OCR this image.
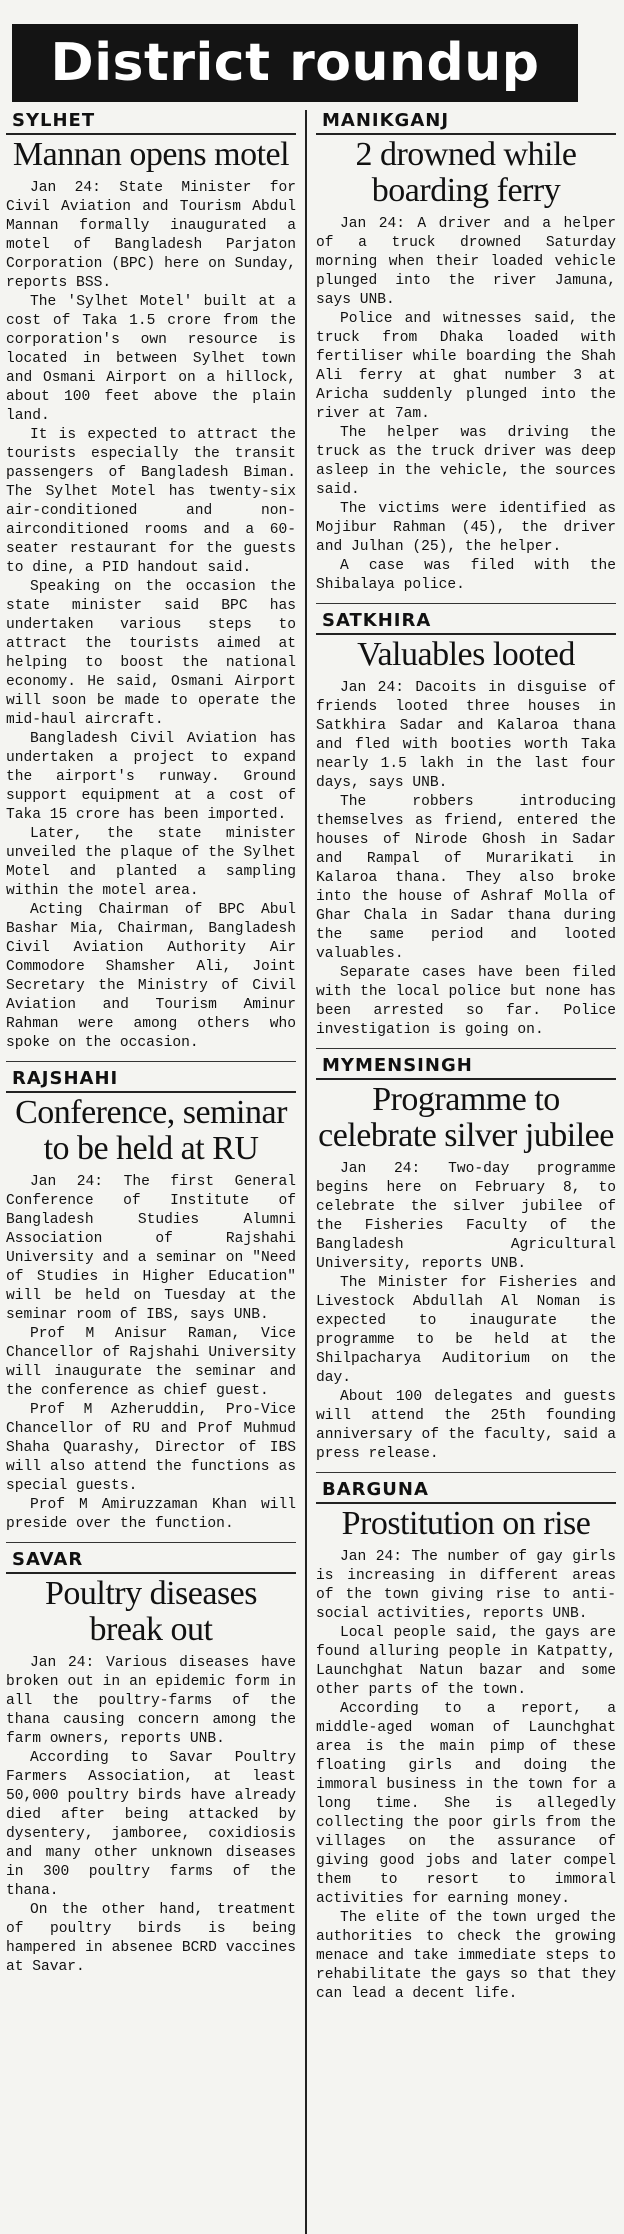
District roundup
SYLHET
Mannan opens motel

Jan 24: State Minister for Civil Aviation and Tourism Abdul Mannan formally inaugurated a motel of Bangladesh Parjaton Corporation (BPC) here on Sunday, reports BSS.

The 'Sylhet Motel' built at a cost of Taka 1.5 crore from the corporation's own resource is located in between Sylhet town and Osmani Airport on a hillock, about 100 feet above the plain land.

It is expected to attract the tourists especially the transit passengers of Bangladesh Biman. The Sylhet Motel has twenty-six air-conditioned and non-airconditioned rooms and a 60-seater restaurant for the guests to dine, a PID handout said.

Speaking on the occasion the state minister said BPC has undertaken various steps to attract the tourists aimed at helping to boost the national economy. He said, Osmani Airport will soon be made to operate the mid-haul aircraft.

Bangladesh Civil Aviation has undertaken a project to expand the airport's runway. Ground support equipment at a cost of Taka 15 crore has been imported.

Later, the state minister unveiled the plaque of the Sylhet Motel and planted a sampling within the motel area.

Acting Chairman of BPC Abul Bashar Mia, Chairman, Bangladesh Civil Aviation Authority Air Commodore Shamsher Ali, Joint Secretary the Ministry of Civil Aviation and Tourism Aminur Rahman were among others who spoke on the occasion.

RAJSHAHI
Conference, seminar to be held at RU

Jan 24: The first General Conference of Institute of Bangladesh Studies Alumni Association of Rajshahi University and a seminar on "Need of Studies in Higher Education" will be held on Tuesday at the seminar room of IBS, says UNB.

Prof M Anisur Raman, Vice Chancellor of Rajshahi University will inaugurate the seminar and the conference as chief guest.

Prof M Azheruddin, Pro-Vice Chancellor of RU and Prof Muhmud Shaha Quarashy, Director of IBS will also attend the functions as special guests.

Prof M Amiruzzaman Khan will preside over the function.

SAVAR
Poultry diseases break out

Jan 24: Various diseases have broken out in an epidemic form in all the poultry-farms of the thana causing concern among the farm owners, reports UNB.

According to Savar Poultry Farmers Association, at least 50,000 poultry birds have already died after being attacked by dysentery, jamboree, coxidiosis and many other unknown diseases in 300 poultry farms of the thana.

On the other hand, treatment of poultry birds is being hampered in absenee BCRD vaccines at Savar.

MANIKGANJ
2 drowned while boarding ferry

Jan 24: A driver and a helper of a truck drowned Saturday morning when their loaded vehicle plunged into the river Jamuna, says UNB.

Police and witnesses said, the truck from Dhaka loaded with fertiliser while boarding the Shah Ali ferry at ghat number 3 at Aricha suddenly plunged into the river at 7am.

The helper was driving the truck as the truck driver was deep asleep in the vehicle, the sources said.

The victims were identified as Mojibur Rahman (45), the driver and Julhan (25), the helper.

A case was filed with the Shibalaya police.

SATKHIRA
Valuables looted

Jan 24: Dacoits in disguise of friends looted three houses in Satkhira Sadar and Kalaroa thana and fled with booties worth Taka nearly 1.5 lakh in the last four days, says UNB.

The robbers introducing themselves as friend, entered the houses of Nirode Ghosh in Sadar and Rampal of Murarikati in Kalaroa thana. They also broke into the house of Ashraf Molla of Ghar Chala in Sadar thana during the same period and looted valuables.

Separate cases have been filed with the local police but none has been arrested so far. Police investigation is going on.

MYMENSINGH
Programme to celebrate silver jubilee

Jan 24: Two-day programme begins here on February 8, to celebrate the silver jubilee of the Fisheries Faculty of the Bangladesh Agricultural University, reports UNB.

The Minister for Fisheries and Livestock Abdullah Al Noman is expected to inaugurate the programme to be held at the Shilpacharya Auditorium on the day.

About 100 delegates and guests will attend the 25th founding anniversary of the faculty, said a press release.

BARGUNA
Prostitution on rise

Jan 24: The number of gay girls is increasing in different areas of the town giving rise to anti-social activities, reports UNB.

Local people said, the gays are found alluring people in Katpatty, Launchghat Natun bazar and some other parts of the town.

According to a report, a middle-aged woman of Launchghat area is the main pimp of these floating girls and doing the immoral business in the town for a long time. She is allegedly collecting the poor girls from the villages on the assurance of giving good jobs and later compel them to resort to immoral activities for earning money.

The elite of the town urged the authorities to check the growing menace and take immediate steps to rehabilitate the gays so that they can lead a decent life.
